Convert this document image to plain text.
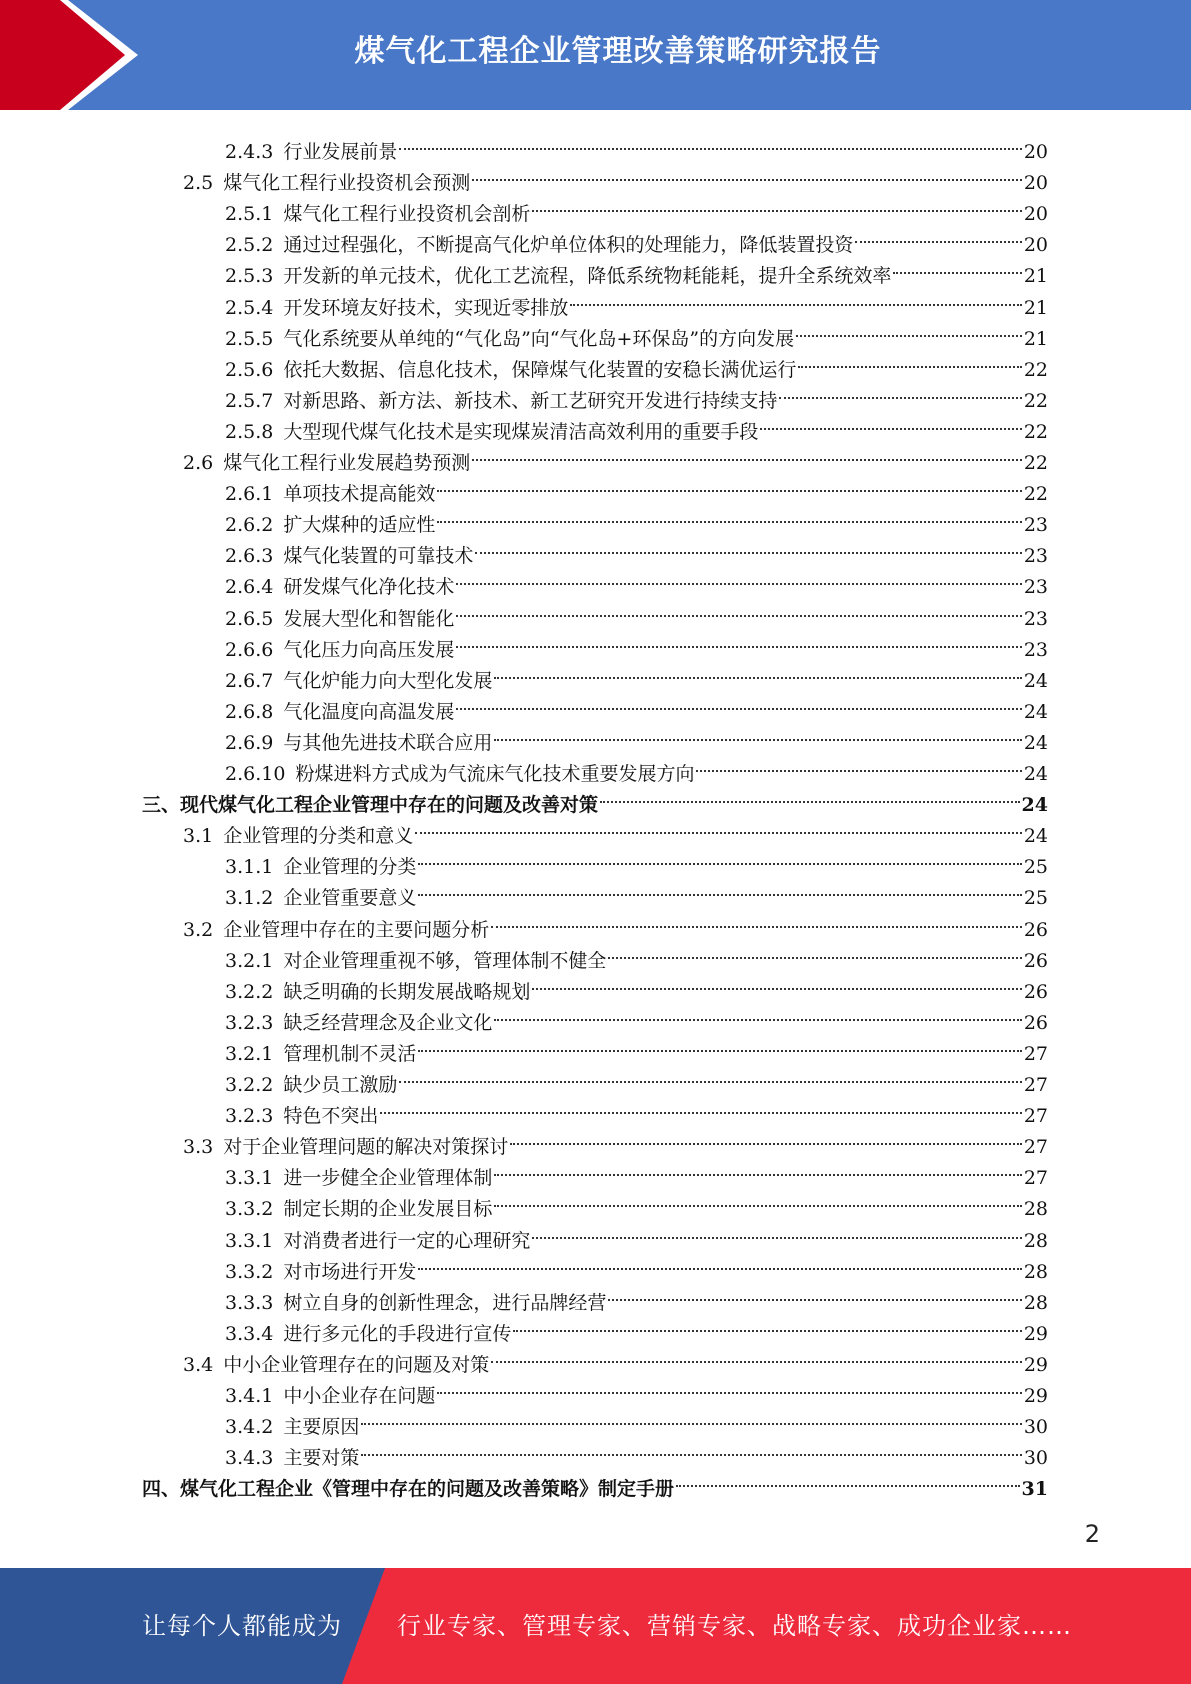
煤气化工程企业管理改善策略研究报告
2.4.3 行业发展前景	20
2.5 煤气化工程行业投资机会预测	20
2.5.1 煤气化工程行业投资机会剖析	20
2.5.2 通过过程强化，不断提高气化炉单位体积的处理能力，降低装置投资	20
2.5.3 开发新的单元技术，优化工艺流程，降低系统物耗能耗，提升全系统效率	21
2.5.4 开发环境友好技术，实现近零排放	21
2.5.5 气化系统要从单纯的“气化岛”向“气化岛+环保岛”的方向发展	21
2.5.6 依托大数据、信息化技术，保障煤气化装置的安稳长满优运行	22
2.5.7 对新思路、新方法、新技术、新工艺研究开发进行持续支持	22
2.5.8 大型现代煤气化技术是实现煤炭清洁高效利用的重要手段	22
2.6 煤气化工程行业发展趋势预测	22
2.6.1 单项技术提高能效	22
2.6.2 扩大煤种的适应性	23
2.6.3 煤气化装置的可靠技术	23
2.6.4 研发煤气化净化技术	23
2.6.5 发展大型化和智能化	23
2.6.6 气化压力向高压发展	23
2.6.7 气化炉能力向大型化发展	24
2.6.8 气化温度向高温发展	24
2.6.9 与其他先进技术联合应用	24
2.6.10 粉煤进料方式成为气流床气化技术重要发展方向	24
三、 现代煤气化工程企业管理中存在的问题及改善对策	24
3.1 企业管理的分类和意义	24
3.1.1 企业管理的分类	25
3.1.2 企业管重要意义	25
3.2 企业管理中存在的主要问题分析	26
3.2.1 对企业管理重视不够，管理体制不健全	26
3.2.2 缺乏明确的长期发展战略规划	26
3.2.3 缺乏经营理念及企业文化	26
3.2.1 管理机制不灵活	27
3.2.2 缺少员工激励	27
3.2.3 特色不突出	27
3.3 对于企业管理问题的解决对策探讨	27
3.3.1 进一步健全企业管理体制	27
3.3.2 制定长期的企业发展目标	28
3.3.1 对消费者进行一定的心理研究	28
3.3.2 对市场进行开发	28
3.3.3 树立自身的创新性理念，进行品牌经营	28
3.3.4 进行多元化的手段进行宣传	29
3.4 中小企业管理存在的问题及对策	29
3.4.1 中小企业存在问题	29
3.4.2 主要原因	30
3.4.3 主要对策	30
四、 煤气化工程企业《管理中存在的问题及改善策略》制定手册	31
2
让每个人都能成为 行业专家、管理专家、营销专家、战略专家、成功企业家……
